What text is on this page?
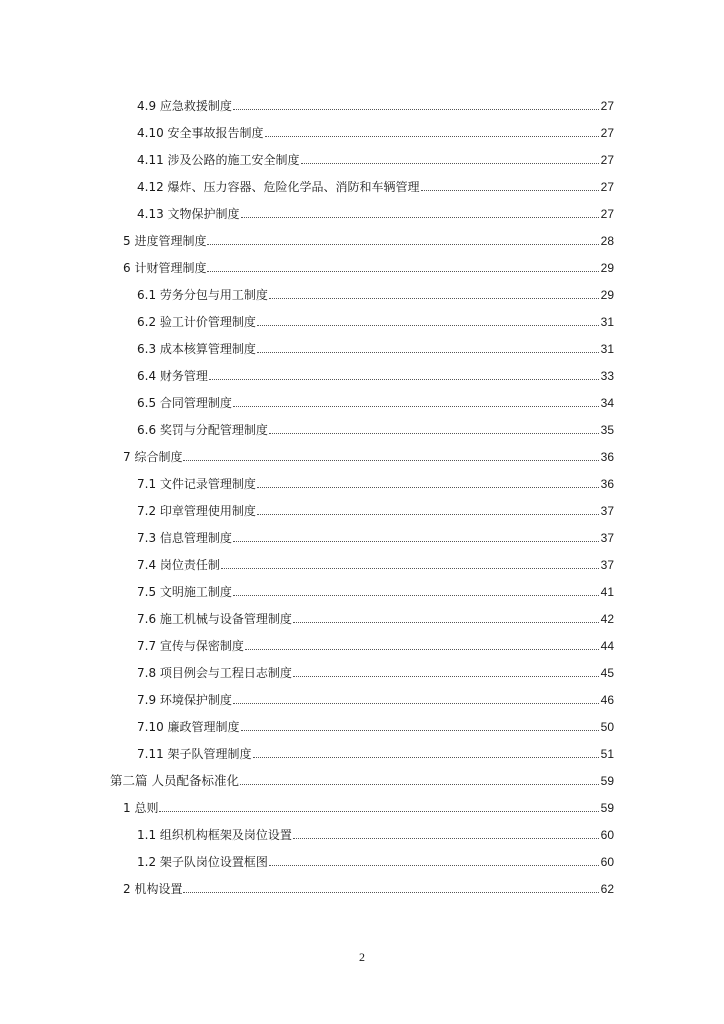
4.9 应急救援制度	27
4.10 安全事故报告制度	27
4.11 涉及公路的施工安全制度	27
4.12 爆炸、压力容器、危险化学品、消防和车辆管理	27
4.13 文物保护制度	27
5 进度管理制度	28
6 计财管理制度	29
6.1 劳务分包与用工制度	29
6.2 验工计价管理制度	31
6.3 成本核算管理制度	31
6.4 财务管理	33
6.5 合同管理制度	34
6.6 奖罚与分配管理制度	35
7 综合制度	36
7.1 文件记录管理制度	36
7.2 印章管理使用制度	37
7.3 信息管理制度	37
7.4 岗位责任制	37
7.5 文明施工制度	41
7.6 施工机械与设备管理制度	42
7.7 宣传与保密制度	44
7.8 项目例会与工程日志制度	45
7.9 环境保护制度	46
7.10 廉政管理制度	50
7.11 架子队管理制度	51
第二篇 人员配备标准化	59
1 总则	59
1.1 组织机构框架及岗位设置	60
1.2 架子队岗位设置框图	60
2 机构设置	62
2
